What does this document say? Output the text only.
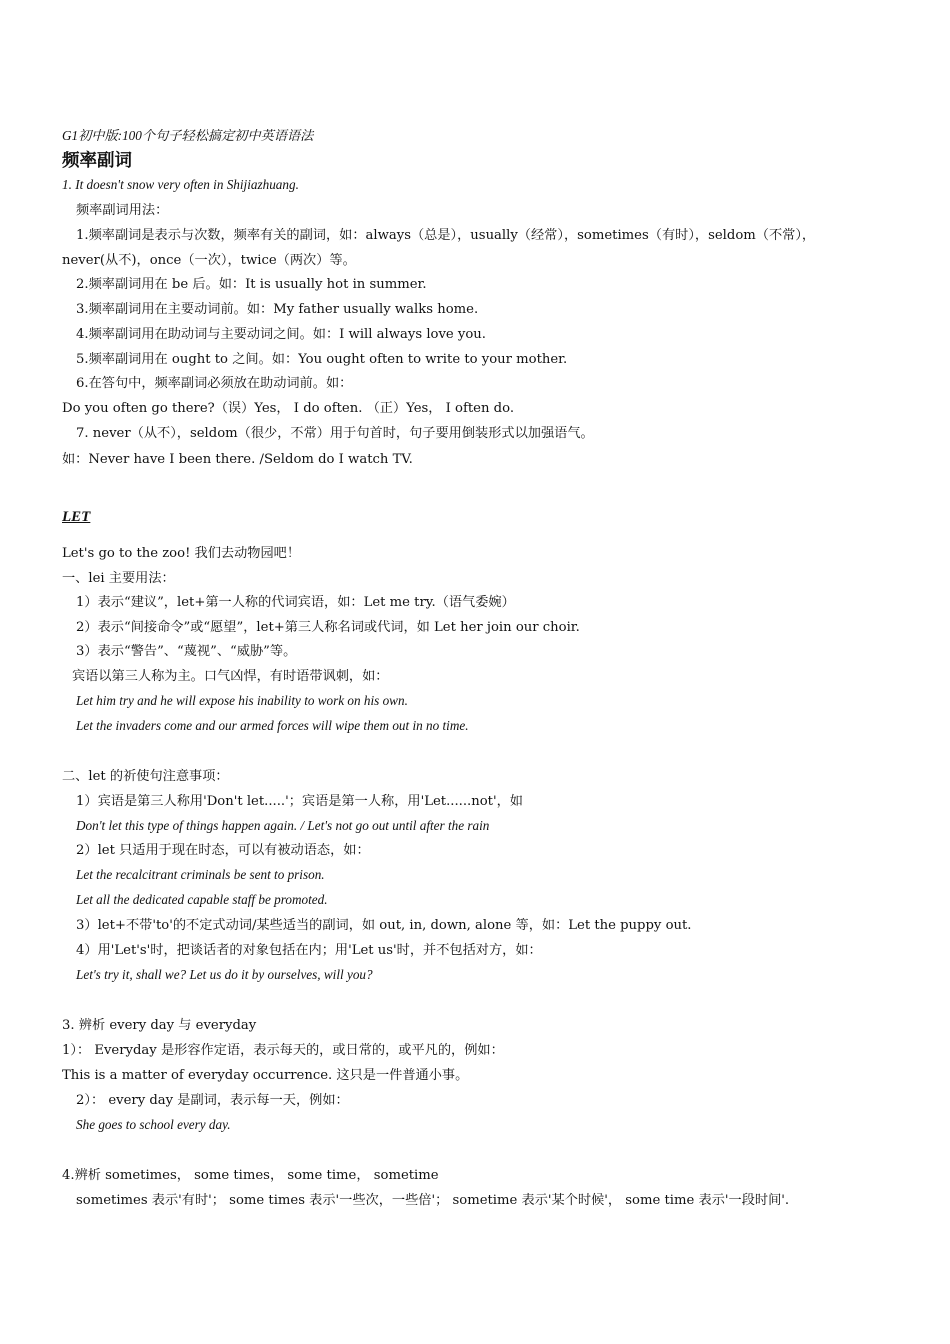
G1初中版:100个句子轻松搞定初中英语语法
频率副词
1. It doesn't snow very often in Shijiazhuang.
频率副词用法：
1.频率副词是表示与次数，频率有关的副词，如：always（总是），usually（经常），sometimes（有时），seldom（不常），
never(从不)，once（一次），twice（两次）等。
2.频率副词用在 be 后。如：It is usually hot in summer.
3.频率副词用在主要动词前。如：My father usually walks home.
4.频率副词用在助动词与主要动词之间。如：I will always love you.
5.频率副词用在 ought to 之间。如：You ought often to write to your mother.
6.在答句中，频率副词必须放在助动词前。如：
Do you often go there?（误）Yes， I do often. （正）Yes， I often do.
7. never（从不），seldom（很少，不常）用于句首时，句子要用倒装形式以加强语气。
如：Never have I been there. /Seldom do I watch TV.
LET
Let's go to the zoo! 我们去动物园吧！
一、lei 主要用法：
1）表示“建议”，let+第一人称的代词宾语，如：Let me try.（语气委婉）
2）表示“间接命令”或“愿望”，let+第三人称名词或代词，如 Let her join our choir.
3）表示“警告”、“蔑视”、“威胁”等。
宾语以第三人称为主。口气凶悍，有时语带讽刺，如：
Let him try and he will expose his inability to work on his own.
Let the invaders come and our armed forces will wipe them out in no time.
二、let 的祈使句注意事项：
1）宾语是第三人称用'Don't let.....'；宾语是第一人称，用'Let......not'，如
Don't let this type of things happen again. / Let's not go out until after the rain
2）let 只适用于现在时态，可以有被动语态，如：
Let the recalcitrant criminals be sent to prison.
Let all the dedicated capable staff be promoted.
3）let+不带'to'的不定式动词/某些适当的副词，如 out, in, down, alone 等，如：Let the puppy out.
4）用'Let's'时，把谈话者的对象包括在内；用'Let us'时，并不包括对方，如：
Let's try it, shall we? Let us do it by ourselves, will you?
3. 辨析 every day 与 everyday
1）： Everyday 是形容作定语，表示每天的，或日常的，或平凡的，例如：
This is a matter of everyday occurrence. 这只是一件普通小事。
2）： every day 是副词，表示每一天，例如：
She goes to school every day.
4.辨析 sometimes， some times， some time， sometime
sometimes 表示'有时'； some times 表示'一些次，一些倍'； sometime 表示'某个时候'， some time 表示'一段时间'.
